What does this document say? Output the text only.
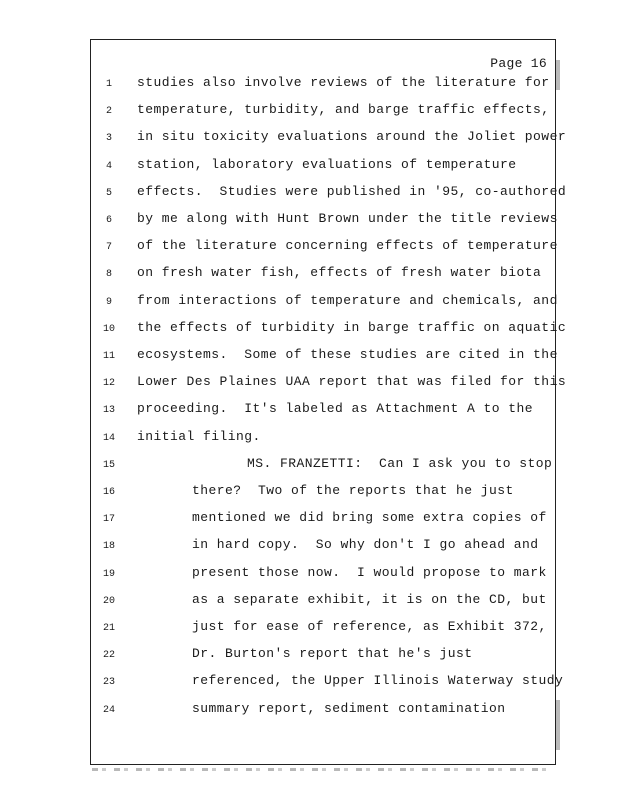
Page 16
1	studies also involve reviews of the literature for
2	temperature, turbidity, and barge traffic effects,
3	in situ toxicity evaluations around the Joliet power
4	station, laboratory evaluations of temperature
5	effects.  Studies were published in '95, co-authored
6	by me along with Hunt Brown under the title reviews
7	of the literature concerning effects of temperature
8	on fresh water fish, effects of fresh water biota
9	from interactions of temperature and chemicals, and
10	the effects of turbidity in barge traffic on aquatic
11	ecosystems.  Some of these studies are cited in the
12	Lower Des Plaines UAA report that was filed for this
13	proceeding.  It's labeled as Attachment A to the
14	initial filing.
15	MS. FRANZETTI:  Can I ask you to stop
16	there?  Two of the reports that he just
17	mentioned we did bring some extra copies of
18	in hard copy.  So why don't I go ahead and
19	present those now.  I would propose to mark
20	as a separate exhibit, it is on the CD, but
21	just for ease of reference, as Exhibit 372,
22	Dr. Burton's report that he's just
23	referenced, the Upper Illinois Waterway study
24	summary report, sediment contamination
